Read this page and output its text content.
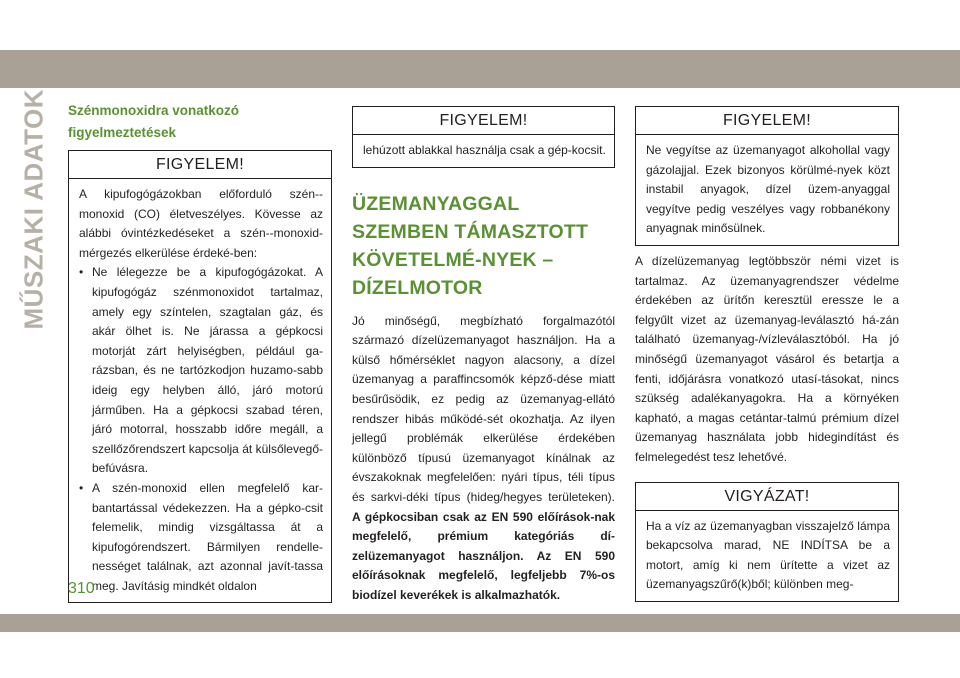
MŰSZAKI ADATOK Szénmonoxidra vonatkozó figyelmeztetések
FIGYELEM!

A kipufogógázokban előforduló szén--monoxid (CO) életveszélyes. Kövesse az alábbi óvintézkedéseket a szén--monoxid-mérgezés elkerülése érdeké-ben:

• Ne lélegezze be a kipufogógázokat. A kipufogógáz szénmonoxidot tartalmaz, amely egy színtelen, szagtalan gáz, és akár ölhet is. Ne járassa a gépkocsi motorját zárt helyiségben, például ga-rázsban, és ne tartózkodjon huzamo-sabb ideig egy helyben álló, járó motorú járműben. Ha a gépkocsi szabad téren, járó motorral, hosszabb időre megáll, a szellőzőrendszert kapcsolja át külsőlevegő-befúvásra.
• A szén-monoxid ellen megfelelő kar-bantartással védekezzen. Ha a gépko-csit felemelik, mindig vizsgáltassa át a kipufogórendszert. Bármilyen rendelle-nességet találnak, azt azonnal javít-tassa meg. Javításig mindkét oldalon
FIGYELEM!

lehúzott ablakkal használja csak a gép-kocsit.

ÜZEMANYAGGAL SZEMBEN TÁMASZTOTT KÖVETELMÉ-NYEK – DÍZELMOTOR

Jó minőségű, megbízható forgalmazótól származó dízelüzemanyagot használjon. Ha a külső hőmérséklet nagyon alacsony, a dízel üzemanyag a paraffincsomók képző-dése miatt besűrűsödik, ez pedig az üzemanyag-ellátó rendszer hibás működé-sét okozhatja. Az ilyen jellegű problémák elkerülése érdekében különböző típusú üzemanyagot kínálnak az évszakoknak megfelelően: nyári típus, téli típus és sarkvi-déki típus (hideg/hegyes területeken). A gépkocsiban csak az EN 590 előírások-nak megfelelő, prémium kategóriás dí-zelüzemanyagot használjon. Az EN 590 előírásoknak megfelelő, legfeljebb 7%-os biodízel keverékek is alkalmazhatók.

FIGYELEM!

Ne vegyítse az üzemanyagot alkohollal vagy gázolajjal. Ezek bizonyos körülmé-nyek közt instabil anyagok, dízel üzem-anyaggal vegyítve pedig veszélyes vagy robbanékony anyagnak minősülnek.

A dízelüzemanyag legtöbbször némi vizet is tartalmaz. Az üzemanyagrendszer védelme érdekében az ürítőn keresztül eressze le a felgyűlt vizet az üzemanyag-leválasztó há-zán található üzemanyag-/vízleválasztóból. Ha jó minőségű üzemanyagot vásárol és betartja a fenti, időjárásra vonatkozó utasí-tásokat, nincs szükség adalékanyagokra. Ha a környéken kapható, a magas cetántar-talmú prémium dízel üzemanyag használata jobb hidegindítást és felmelegedést tesz lehetővé.

VIGYÁZAT!

Ha a víz az üzemanyagban visszajelző lámpa bekapcsolva marad, NE INDÍTSA be a motort, amíg ki nem ürítette a vizet az üzemanyagszűrő(k)ből; különben meg-

310
